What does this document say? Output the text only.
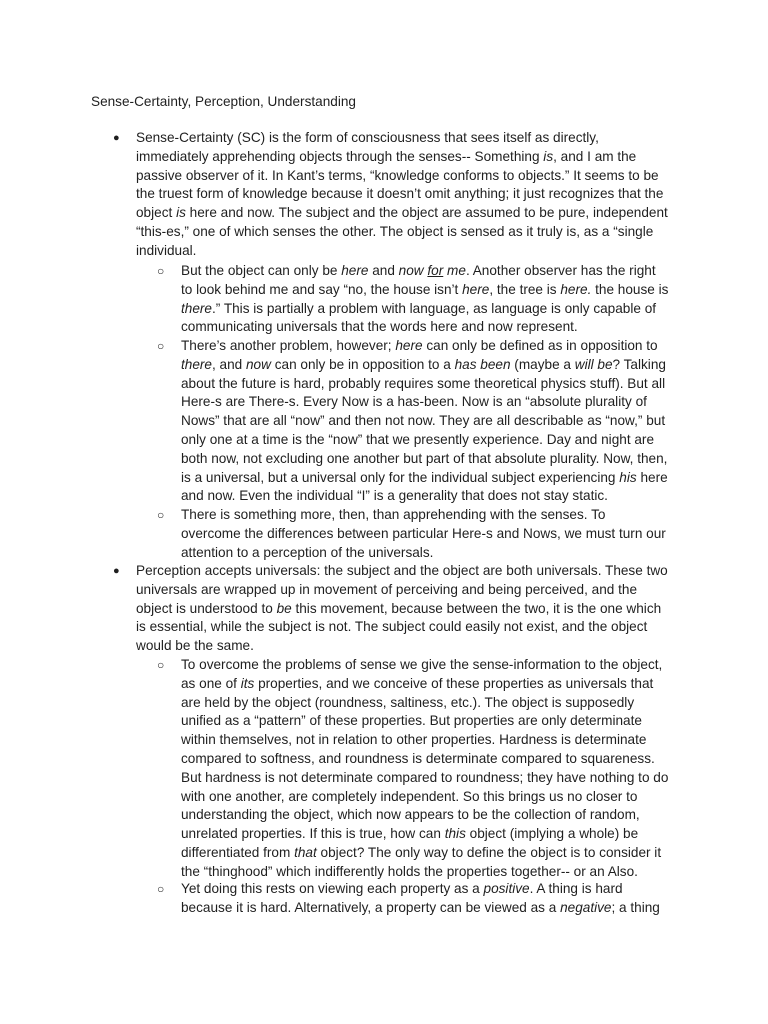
Sense-Certainty, Perception, Understanding
● Sense-Certainty (SC) is the form of consciousness that sees itself as directly,
immediately apprehending objects through the senses-- Something is, and I am the
passive observer of it. In Kant’s terms, “knowledge conforms to objects.” It seems to be
the truest form of knowledge because it doesn’t omit anything; it just recognizes that the
object is here and now. The subject and the object are assumed to be pure, independent
“this-es,” one of which senses the other. The object is sensed as it truly is, as a “single
individual.
○ But the object can only be here and now for me. Another observer has the right
to look behind me and say “no, the house isn’t here, the tree is here. the house is
there.” This is partially a problem with language, as language is only capable of
communicating universals that the words here and now represent.
○ There’s another problem, however; here can only be defined as in opposition to
there, and now can only be in opposition to a has been (maybe a will be? Talking
about the future is hard, probably requires some theoretical physics stuff). But all
Here-s are There-s. Every Now is a has-been. Now is an “absolute plurality of
Nows” that are all “now” and then not now. They are all describable as “now,” but
only one at a time is the “now” that we presently experience. Day and night are
both now, not excluding one another but part of that absolute plurality. Now, then,
is a universal, but a universal only for the individual subject experiencing his here
and now. Even the individual “I” is a generality that does not stay static.
○ There is something more, then, than apprehending with the senses. To
overcome the differences between particular Here-s and Nows, we must turn our
attention to a perception of the universals.
● Perception accepts universals: the subject and the object are both universals. These two
universals are wrapped up in movement of perceiving and being perceived, and the
object is understood to be this movement, because between the two, it is the one which
is essential, while the subject is not. The subject could easily not exist, and the object
would be the same.
○ To overcome the problems of sense we give the sense-information to the object,
as one of its properties, and we conceive of these properties as universals that
are held by the object (roundness, saltiness, etc.). The object is supposedly
unified as a “pattern” of these properties. But properties are only determinate
within themselves, not in relation to other properties. Hardness is determinate
compared to softness, and roundness is determinate compared to squareness.
But hardness is not determinate compared to roundness; they have nothing to do
with one another, are completely independent. So this brings us no closer to
understanding the object, which now appears to be the collection of random,
unrelated properties. If this is true, how can this object (implying a whole) be
differentiated from that object? The only way to define the object is to consider it
the “thinghood” which indifferently holds the properties together-- or an Also.
○ Yet doing this rests on viewing each property as a positive. A thing is hard
because it is hard. Alternatively, a property can be viewed as a negative; a thing
